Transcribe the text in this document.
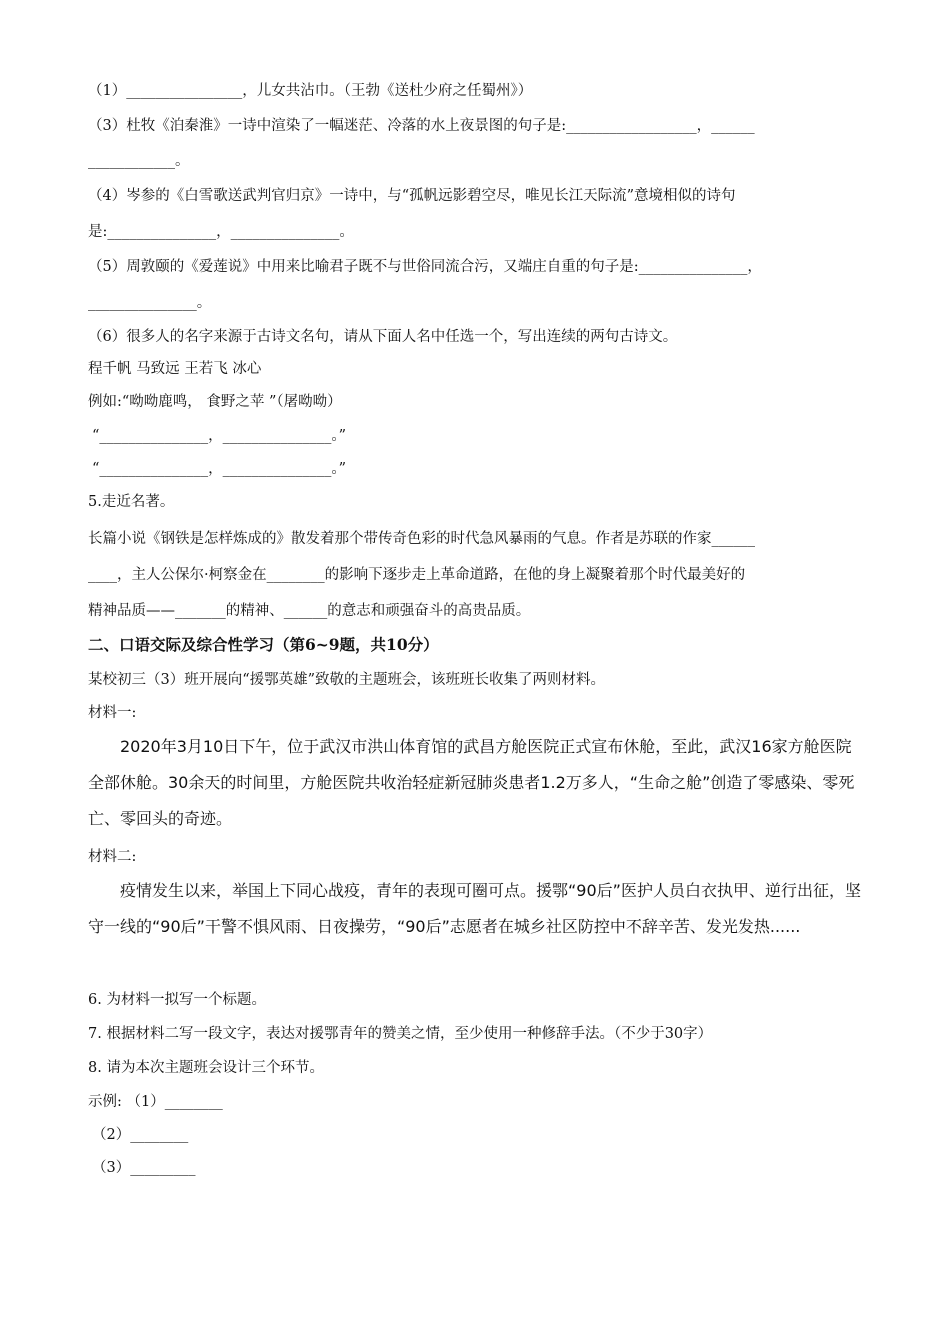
（1）________________，儿女共沾巾。（王勃《送杜少府之任蜀州》）
（3）杜牧《泊秦淮》一诗中渲染了一幅迷茫、冷落的水上夜景图的句子是:__________________，______
____________。
（4）岑参的《白雪歌送武判官归京》一诗中，与“孤帆远影碧空尽，唯见长江天际流”意境相似的诗句
是:_______________，_______________。
（5）周敦颐的《爱莲说》中用来比喻君子既不与世俗同流合污，又端庄自重的句子是:_______________，
_______________。
（6）很多人的名字来源于古诗文名句，请从下面人名中任选一个，写出连续的两句古诗文。
程千帆 马致远 王若飞 冰心
例如:“呦呦鹿鸣， 食野之苹 ”（屠呦呦）
“_______________，_______________。”
“_______________，_______________。”
5.走近名著。
长篇小说《钢铁是怎样炼成的》散发着那个带传奇色彩的时代急风暴雨的气息。作者是苏联的作家______
____，主人公保尔·柯察金在________的影响下逐步走上革命道路，在他的身上凝聚着那个时代最美好的
精神品质——_______的精神、______的意志和顽强奋斗的高贵品质。
二、口语交际及综合性学习（第6~9题，共10分）
某校初三（3）班开展向“援鄂英雄”致敬的主题班会，该班班长收集了两则材料。
材料一:
2020年3月10日下午，位于武汉市洪山体育馆的武昌方舱医院正式宣布休舱，至此，武汉16家方舱医院全部休舱。30余天的时间里，方舱医院共收治轻症新冠肺炎患者1.2万多人，“生命之舱”创造了零感染、零死亡、零回头的奇迹。
材料二:
疫情发生以来，举国上下同心战疫，青年的表现可圈可点。援鄂“90后”医护人员白衣执甲、逆行出征，坚守一线的“90后”干警不惧风雨、日夜操劳，“90后”志愿者在城乡社区防控中不辞辛苦、发光发热......
6. 为材料一拟写一个标题。
7. 根据材料二写一段文字，表达对援鄂青年的赞美之情，至少使用一种修辞手法。（不少于30字）
8. 请为本次主题班会设计三个环节。
示例: （1）________
（2）________
（3）_________
